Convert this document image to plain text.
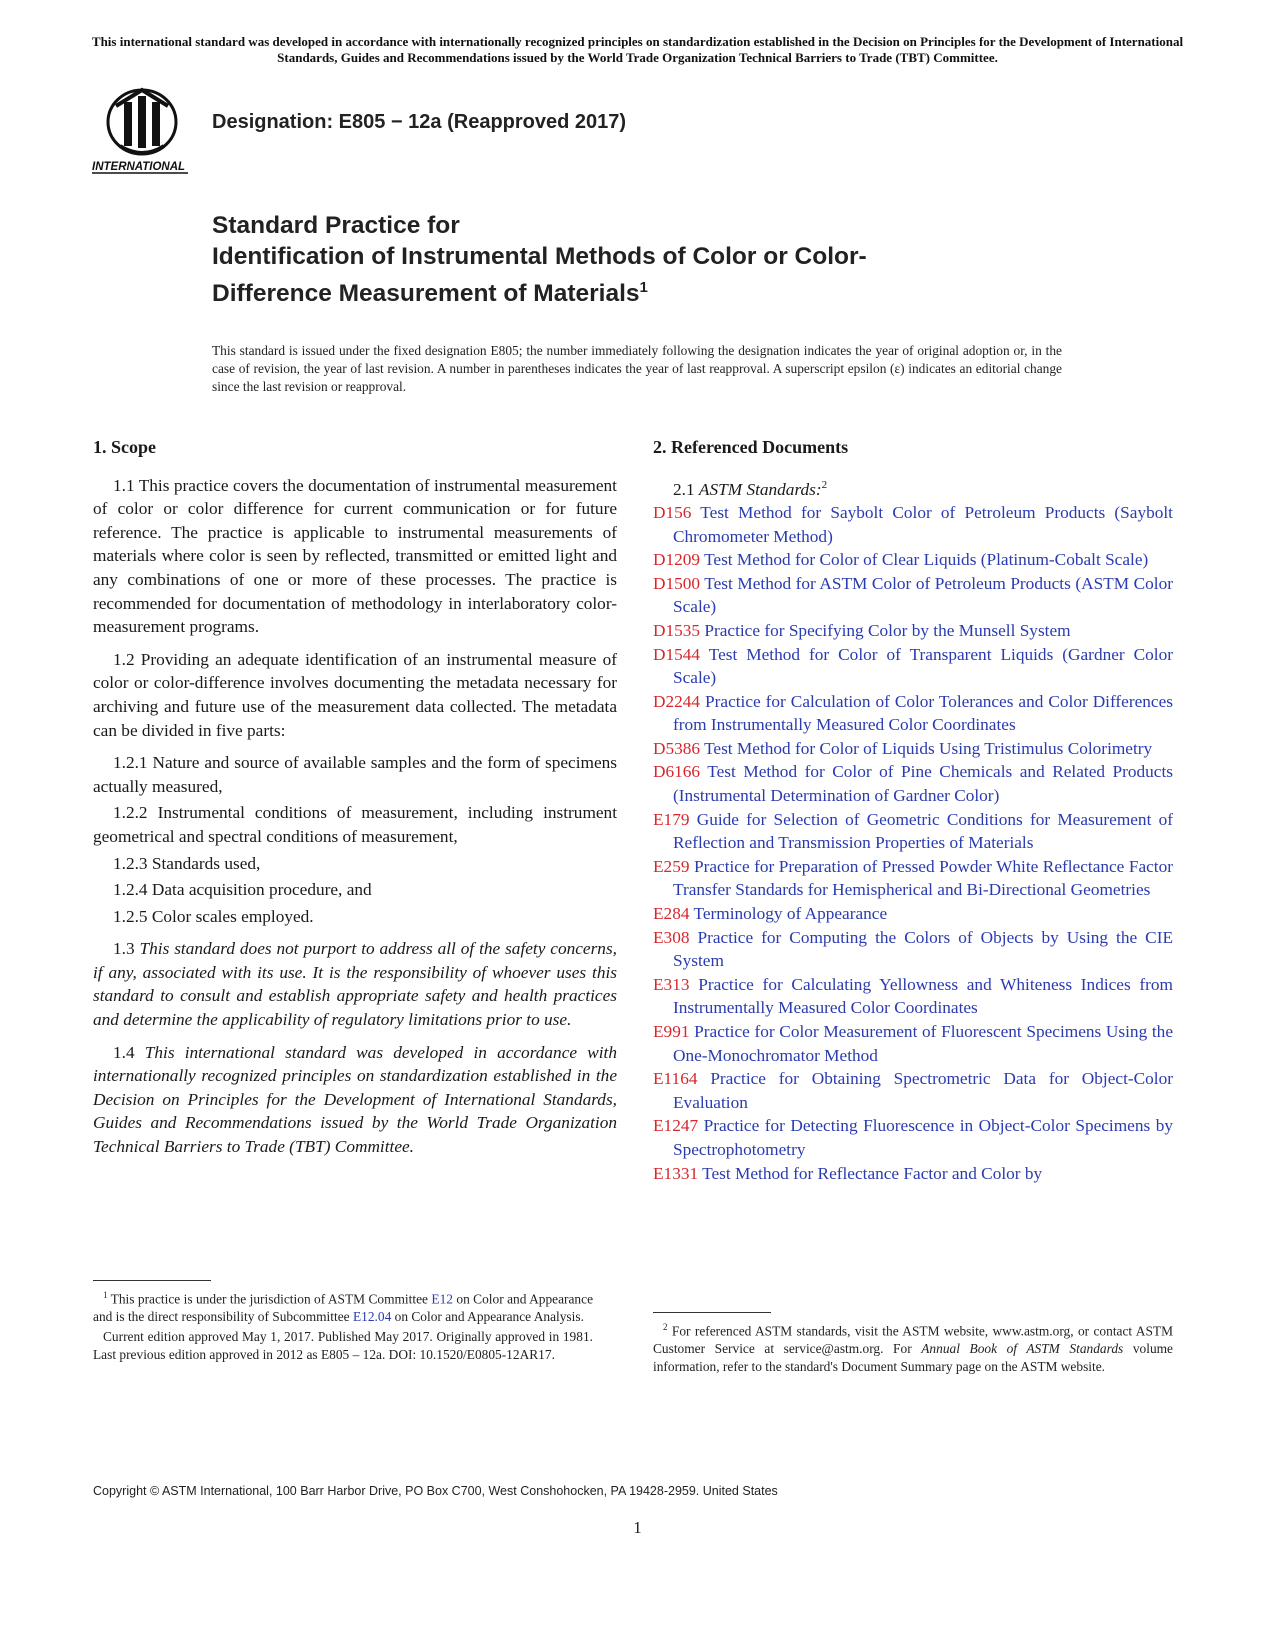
This international standard was developed in accordance with internationally recognized principles on standardization established in the Decision on Principles for the Development of International Standards, Guides and Recommendations issued by the World Trade Organization Technical Barriers to Trade (TBT) Committee.
INTERNATIONAL
Designation: E805 − 12a (Reapproved 2017)
Standard Practice for
Identification of Instrumental Methods of Color or Color-
Difference Measurement of Materials$^1$
This standard is issued under the fixed designation E805; the number immediately following the designation indicates the year of original adoption or, in the case of revision, the year of last revision. A number in parentheses indicates the year of last reapproval. A superscript epsilon (ε) indicates an editorial change since the last revision or reapproval.
1. Scope

1.1 This practice covers the documentation of instrumental measurement of color or color difference for current communication or for future reference. The practice is applicable to instrumental measurements of materials where color is seen by reflected, transmitted or emitted light and any combinations of one or more of these processes. The practice is recommended for documentation of methodology in interlaboratory color-measurement programs.

1.2 Providing an adequate identification of an instrumental measure of color or color-difference involves documenting the metadata necessary for archiving and future use of the measurement data collected. The metadata can be divided in five parts:

1.2.1 Nature and source of available samples and the form of specimens actually measured,

1.2.2 Instrumental conditions of measurement, including instrument geometrical and spectral conditions of measurement,

1.2.3 Standards used,

1.2.4 Data acquisition procedure, and

1.2.5 Color scales employed.

1.3 This standard does not purport to address all of the safety concerns, if any, associated with its use. It is the responsibility of whoever uses this standard to consult and establish appropriate safety and health practices and determine the applicability of regulatory limitations prior to use.

1.4 This international standard was developed in accordance with internationally recognized principles on standardization established in the Decision on Principles for the Development of International Standards, Guides and Recommendations issued by the World Trade Organization Technical Barriers to Trade (TBT) Committee.

2. Referenced Documents
2.1 ASTM Standards:$^2$

D156 Test Method for Saybolt Color of Petroleum Products (Saybolt Chromometer Method)

D1209 Test Method for Color of Clear Liquids (Platinum-Cobalt Scale)

D1500 Test Method for ASTM Color of Petroleum Products (ASTM Color Scale)

D1535 Practice for Specifying Color by the Munsell System

D1544 Test Method for Color of Transparent Liquids (Gardner Color Scale)

D2244 Practice for Calculation of Color Tolerances and Color Differences from Instrumentally Measured Color Coordinates

D5386 Test Method for Color of Liquids Using Tristimulus Colorimetry

D6166 Test Method for Color of Pine Chemicals and Related Products (Instrumental Determination of Gardner Color)

E179 Guide for Selection of Geometric Conditions for Measurement of Reflection and Transmission Properties of Materials

E259 Practice for Preparation of Pressed Powder White Reflectance Factor Transfer Standards for Hemispherical and Bi-Directional Geometries

E284 Terminology of Appearance

E308 Practice for Computing the Colors of Objects by Using the CIE System

E313 Practice for Calculating Yellowness and Whiteness Indices from Instrumentally Measured Color Coordinates

E991 Practice for Color Measurement of Fluorescent Specimens Using the One-Monochromator Method

E1164 Practice for Obtaining Spectrometric Data for Object-Color Evaluation

E1247 Practice for Detecting Fluorescence in Object-Color Specimens by Spectrophotometry

E1331 Test Method for Reflectance Factor and Color by

$^1$ This practice is under the jurisdiction of ASTM Committee E12 on Color and Appearance and is the direct responsibility of Subcommittee E12.04 on Color and Appearance Analysis.

Current edition approved May 1, 2017. Published May 2017. Originally approved in 1981. Last previous edition approved in 2012 as E805 – 12a. DOI: 10.1520/E0805-12AR17.

$^2$ For referenced ASTM standards, visit the ASTM website, www.astm.org, or contact ASTM Customer Service at service@astm.org. For Annual Book of ASTM Standards volume information, refer to the standard's Document Summary page on the ASTM website.

Copyright © ASTM International, 100 Barr Harbor Drive, PO Box C700, West Conshohocken, PA 19428-2959. United States
1
